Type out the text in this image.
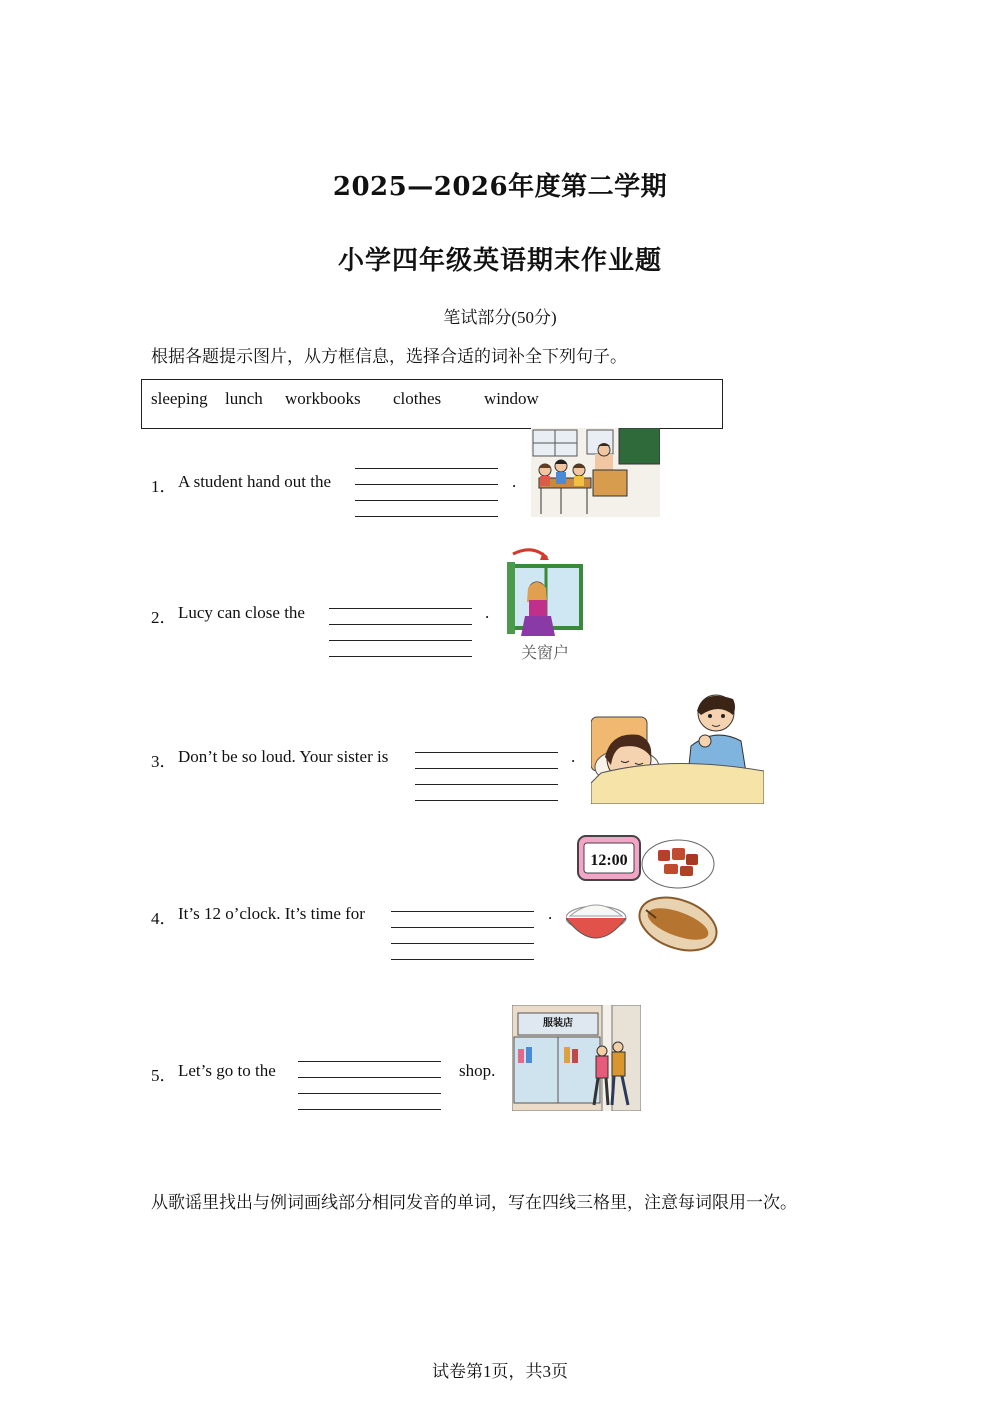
2025—2026年度第二学期
小学四年级英语期末作业题
笔试部分(50分)
根据各题提示图片，从方框信息，选择合适的词补全下列句子。
sleeping lunch workbooks clothes	window
1． A student hand out the	.
2． Lucy can close the	.
关窗户
3． Don’t be so loud. Your sister is	.
4． It’s 12 o’clock. It’s time for	.
12:00
5． Let’s go to the	shop.
服装店
从歌谣里找出与例词画线部分相同发音的单词，写在四线三格里，注意每词限用一次。
试卷第1页，共3页
